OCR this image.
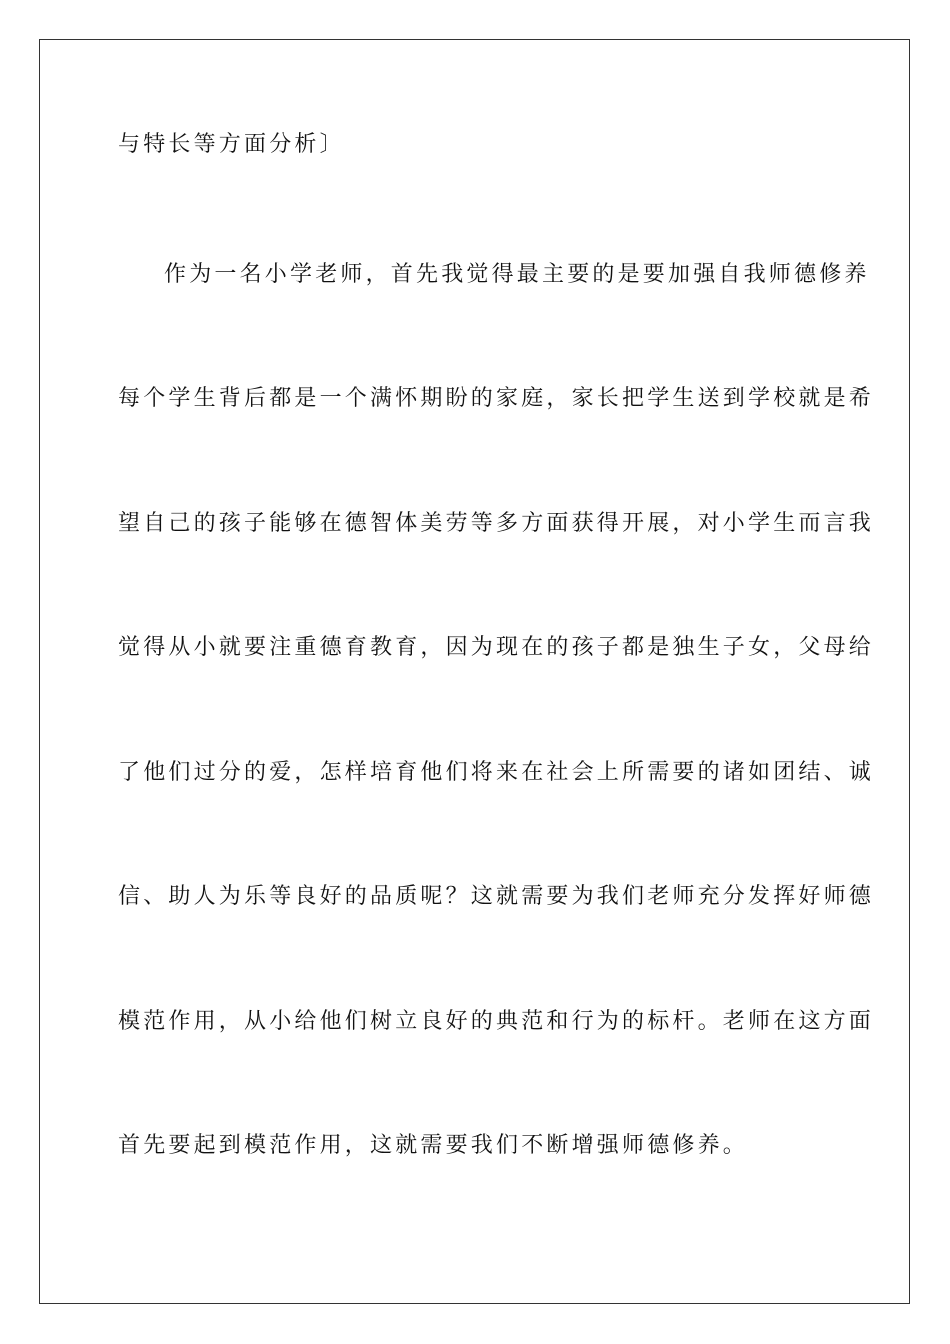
与特长等方面分析〕
作为一名小学老师，首先我觉得最主要的是要加强自我师德修养
每个学生背后都是一个满怀期盼的家庭，家长把学生送到学校就是希
望自己的孩子能够在德智体美劳等多方面获得开展，对小学生而言我
觉得从小就要注重德育教育，因为现在的孩子都是独生子女，父母给
了他们过分的爱，怎样培育他们将来在社会上所需要的诸如团结、诚
信、助人为乐等良好的品质呢？这就需要为我们老师充分发挥好师德
模范作用，从小给他们树立良好的典范和行为的标杆。老师在这方面
首先要起到模范作用，这就需要我们不断增强师德修养。
